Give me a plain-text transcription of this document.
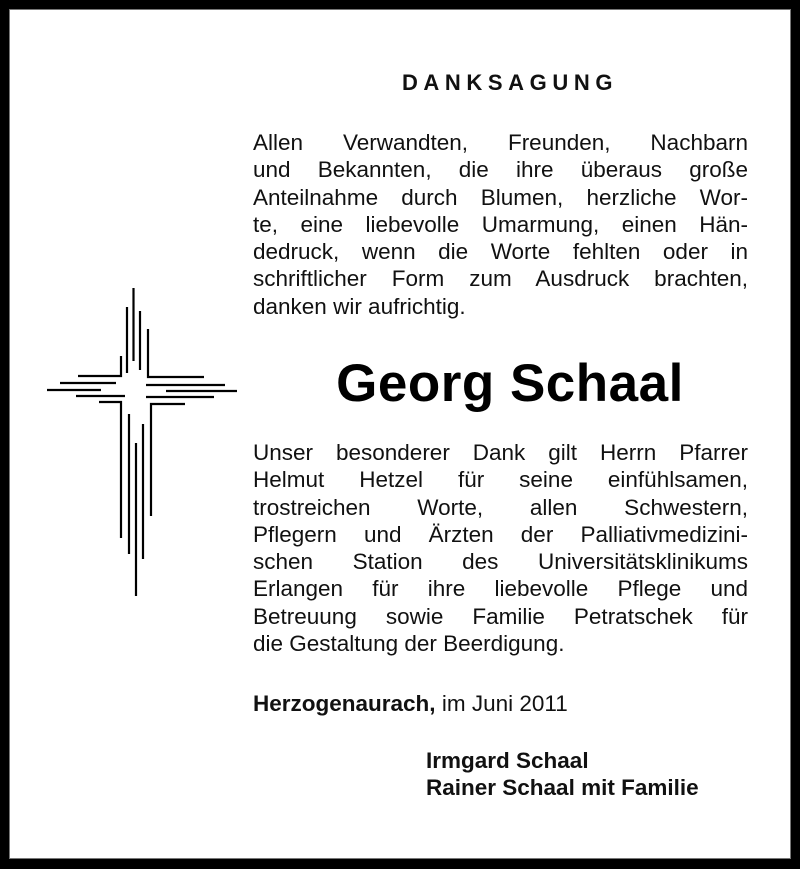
DANKSAGUNG
Allen Verwandten, Freunden, Nachbarn
und Bekannten, die ihre überaus große
Anteilnahme durch Blumen, herzliche Wor-
te, eine liebevolle Umarmung, einen Hän-
dedruck, wenn die Worte fehlten oder in
schriftlicher Form zum Ausdruck brachten,
danken wir aufrichtig.
Georg Schaal
Unser besonderer Dank gilt Herrn Pfarrer
Helmut Hetzel für seine einfühlsamen,
trostreichen Worte, allen Schwestern,
Pflegern und Ärzten der Palliativmedizini-
schen Station des Universitätsklinikums
Erlangen für ihre liebevolle Pflege und
Betreuung sowie Familie Petratschek für
die Gestaltung der Beerdigung.
Herzogenaurach, im Juni 2011
Irmgard Schaal
Rainer Schaal mit Familie
